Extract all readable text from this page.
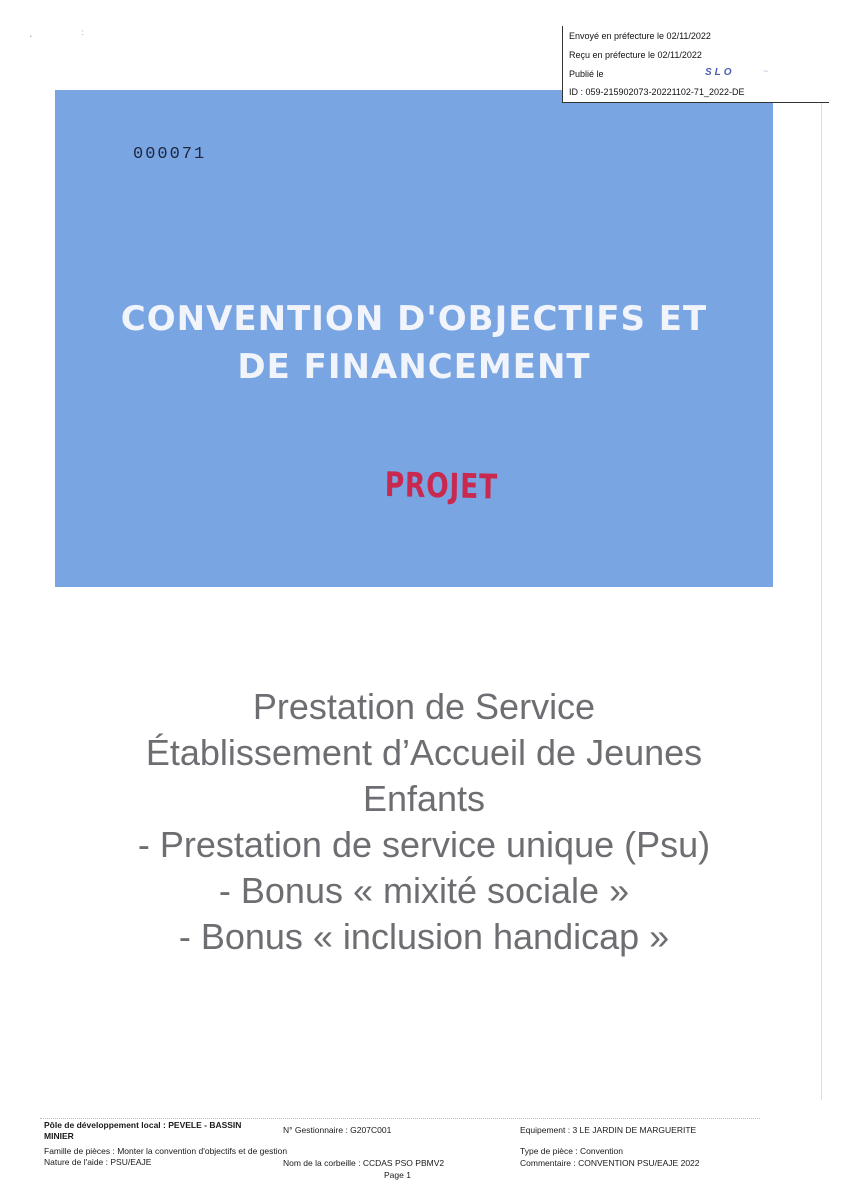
˛                      :	Envoyé en préfecture le 02/11/2022
Reçu en préfecture le 02/11/2022
Publié le	SLO	~
ID : 059-215902073-20221102-71_2022-DE
000071
CONVENTION D'OBJECTIFS ET
DE FINANCEMENT
PROJET
Prestation de Service
Établissement d’Accueil de Jeunes
Enfants
- Prestation de service unique (Psu)
- Bonus « mixité sociale »
- Bonus « inclusion handicap »
Pôle de développement local : PEVELE - BASSIN
MINIER
N° Gestionnaire : G207C001	Equipement : 3 LE JARDIN DE MARGUERITE
Famille de pièces : Monter la convention d'objectifs et de gestion	Type de pièce : Convention
Nature de l'aide : PSU/EAJE	Nom de la corbeille : CCDAS PSO PBMV2	Commentaire : CONVENTION PSU/EAJE 2022
Page 1
